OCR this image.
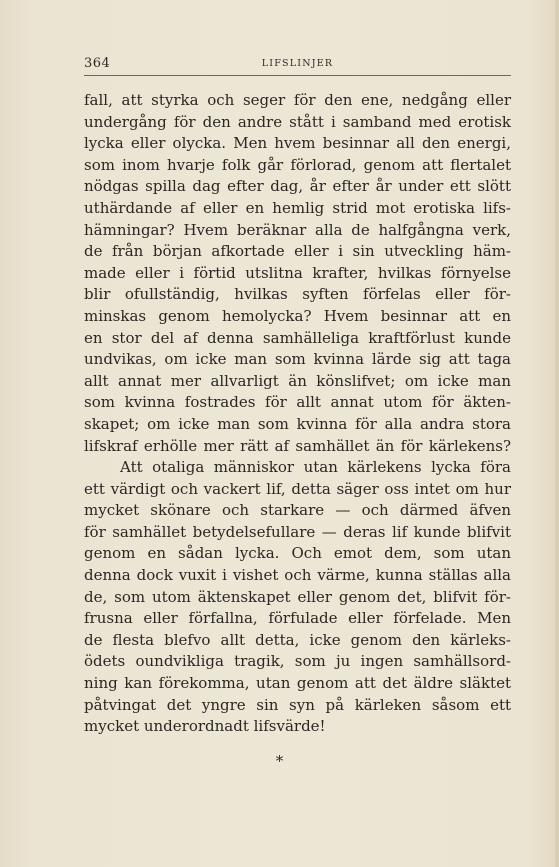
364	LIFSLINJER
fall, att styrka och seger för den ene, nedgång eller
undergång för den andre stått i samband med erotisk
lycka eller olycka. Men hvem besinnar all den energi,
som inom hvarje folk går förlorad, genom att flertalet
nödgas spilla dag efter dag, år efter år under ett slött
uthärdande af eller en hemlig strid mot erotiska lifs-
hämningar? Hvem beräknar alla de halfgångna verk,
de från början afkortade eller i sin utveckling häm-
made eller i förtid utslitna krafter, hvilkas förnyelse
blir ofullständig, hvilkas syften förfelas eller för-
minskas genom hemolycka? Hvem besinnar att en
en stor del af denna samhälleliga kraftförlust kunde
undvikas, om icke man som kvinna lärde sig att taga
allt annat mer allvarligt än könslifvet; om icke man
som kvinna fostrades för allt annat utom för äkten-
skapet; om icke man som kvinna för alla andra stora
lifskraf erhölle mer rätt af samhället än för kärlekens?
Att otaliga människor utan kärlekens lycka föra
ett värdigt och vackert lif, detta säger oss intet om hur
mycket skönare och starkare — och därmed äfven
för samhället betydelsefullare — deras lif kunde blifvit
genom en sådan lycka. Och emot dem, som utan
denna dock vuxit i vishet och värme, kunna ställas alla
de, som utom äktenskapet eller genom det, blifvit för-
frusna eller förfallna, förfulade eller förfelade. Men
de flesta blefvo allt detta, icke genom den kärleks-
ödets oundvikliga tragik, som ju ingen samhällsord-
ning kan förekomma, utan genom att det äldre släktet
påtvingat det yngre sin syn på kärleken såsom ett
mycket underordnadt lifsvärde!
*
